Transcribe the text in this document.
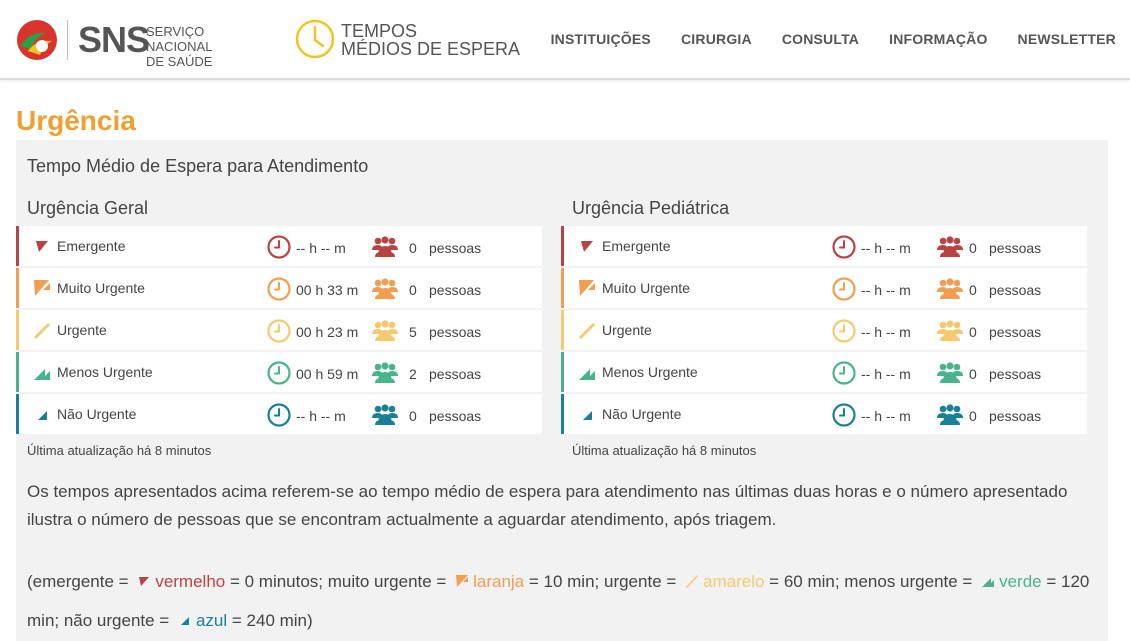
SNS
SERVIÇO NACIONAL
DE SAÚDE
TEMPOS
MÉDIOS DE ESPERA	INSTITUIÇÕES CIRURGIA CONSULTA INFORMAÇÃO NEWSLETTER
Urgência
Tempo Médio de Espera para Atendimento
Urgência Geral
Emergente	-- h -- m	0 pessoas
Muito Urgente	00 h 33 m	0 pessoas
Urgente	00 h 23 m	5 pessoas
Menos Urgente	00 h 59 m	2 pessoas
Não Urgente	-- h -- m	0 pessoas
Última atualização há 8 minutos
Urgência Pediátrica
Emergente	-- h -- m	0 pessoas
Muito Urgente	-- h -- m	0 pessoas
Urgente	-- h -- m	0 pessoas
Menos Urgente	-- h -- m	0 pessoas
Não Urgente	-- h -- m	0 pessoas
Última atualização há 8 minutos

Os tempos apresentados acima referem-se ao tempo médio de espera para atendimento nas últimas duas horas e o número apresentado ilustra o número de pessoas que se encontram actualmente a aguardar atendimento, após triagem.

(emergente = vermelho = 0 minutos; muito urgente = laranja = 10 min; urgente = amarelo = 60 min; menos urgente = verde = 120 min; não urgente = azul = 240 min)
